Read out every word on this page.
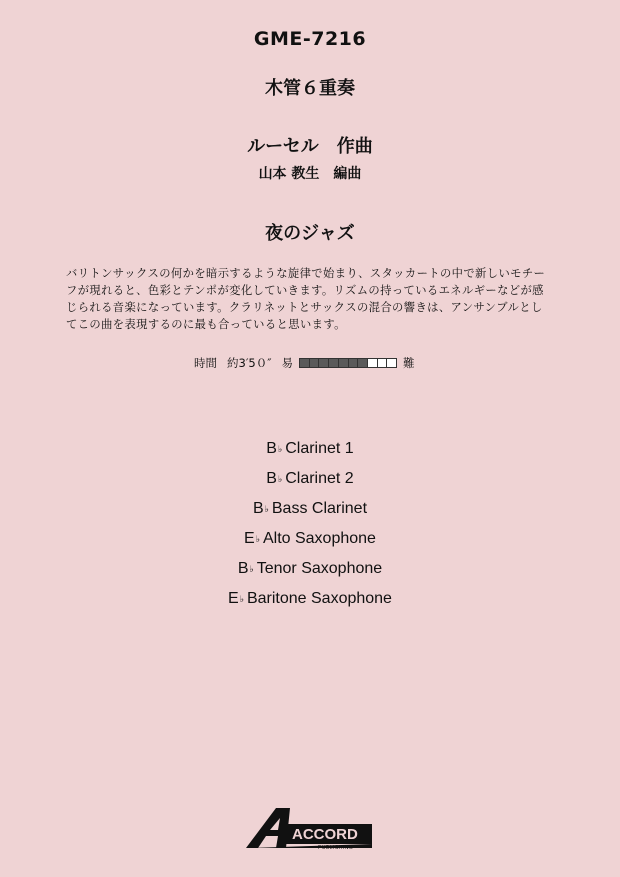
GME-7216
木管６重奏
ルーセル　作曲
山本 教生　編曲
夜のジャズ

バリトンサックスの何かを暗示するような旋律で始まり、スタッカートの中で新しいモチー

フが現れると、色彩とテンポが変化していきます。リズムの持っているエネルギーなどが感

じられる音楽になっています。クラリネットとサックスの混合の響きは、アンサンブルとし

てこの曲を表現するのに最も合っていると思います。

時間 約3′5０″ 易	難
B♭ Clarinet 1
B♭ Clarinet 2
B♭ Bass Clarinet
E♭ Alto Saxophone
B♭ Tenor Saxophone
E♭ Baritone Saxophone
ACCORD
PUBLISHING
